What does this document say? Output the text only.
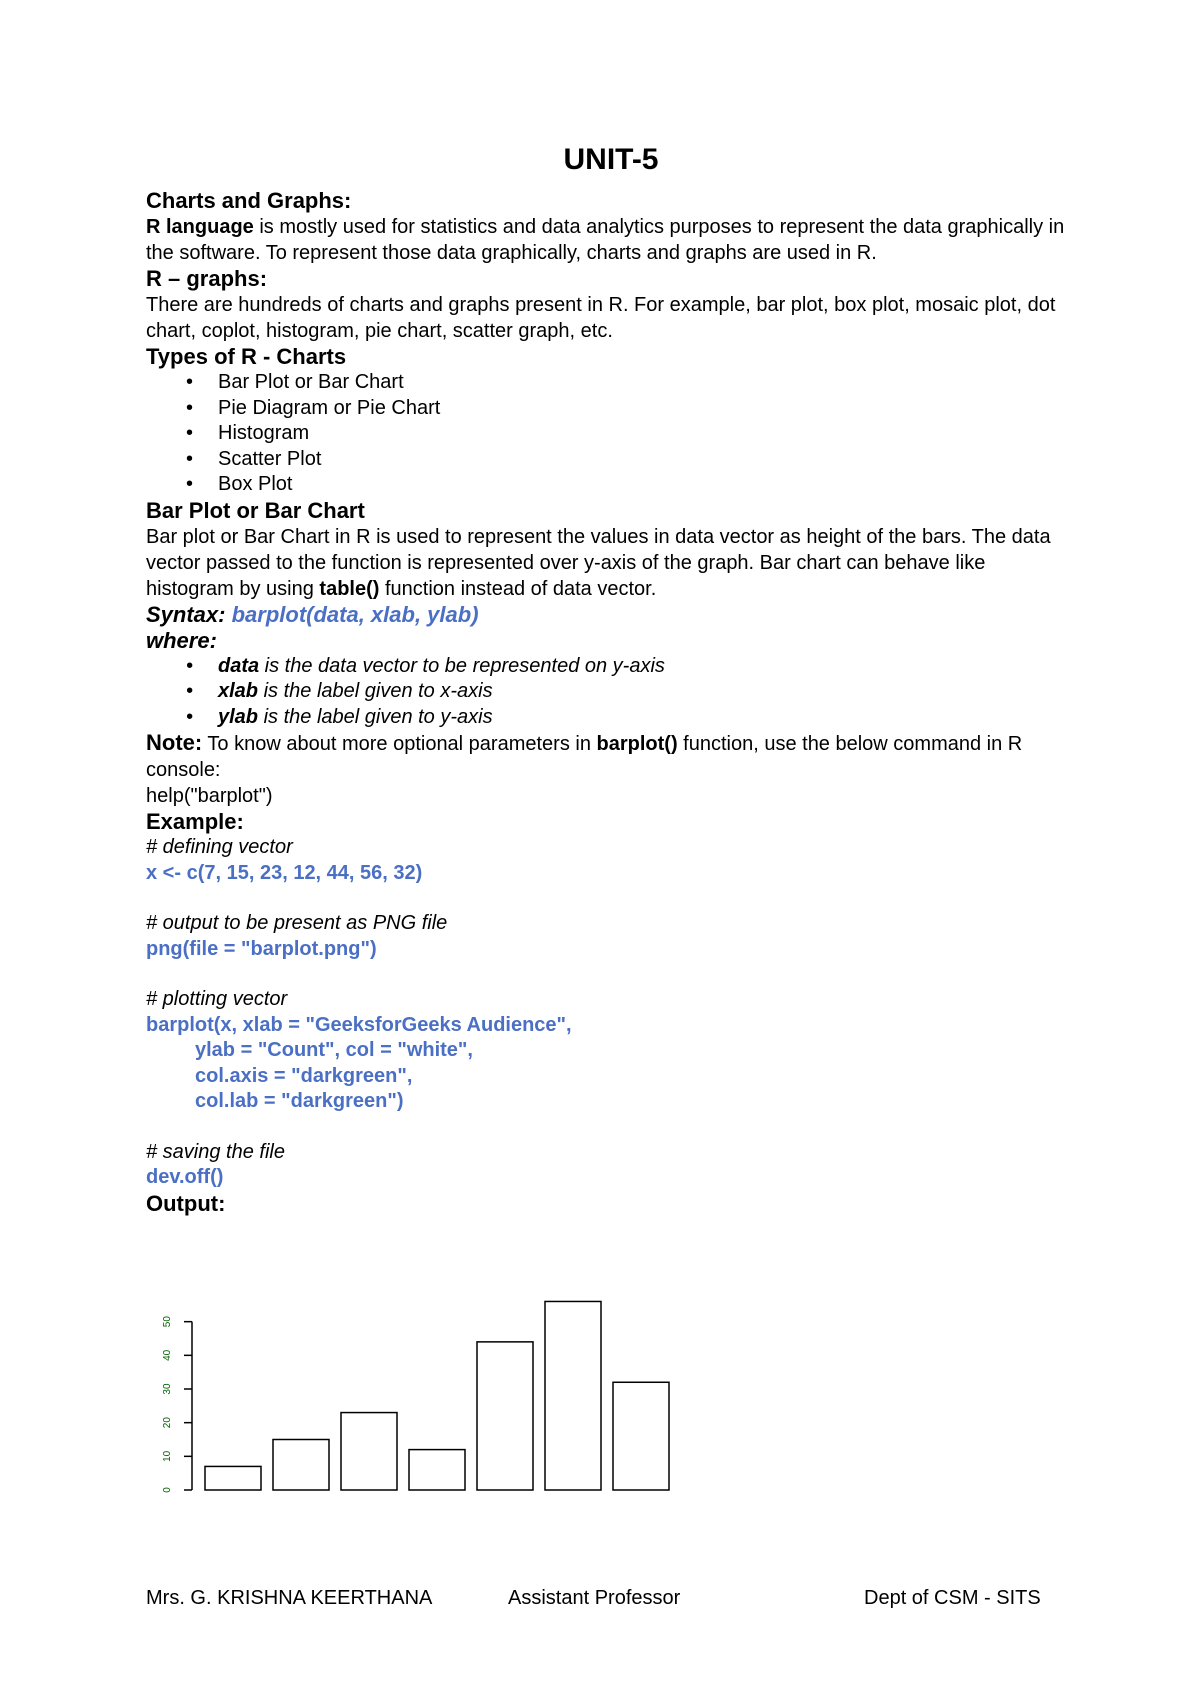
UNIT-5
Charts and Graphs:

R language is mostly used for statistics and data analytics purposes to represent the data graphically in the software. To represent those data graphically, charts and graphs are used in R.

R – graphs:

There are hundreds of charts and graphs present in R. For example, bar plot, box plot, mosaic plot, dot chart, coplot, histogram, pie chart, scatter graph, etc.

Types of R - Charts
• Bar Plot or Bar Chart
• Pie Diagram or Pie Chart
• Histogram
• Scatter Plot
• Box Plot
Bar Plot or Bar Chart

Bar plot or Bar Chart in R is used to represent the values in data vector as height of the bars. The data vector passed to the function is represented over y-axis of the graph. Bar chart can behave like histogram by using table() function instead of data vector.

Syntax: barplot(data, xlab, ylab)
where:
• data is the data vector to be represented on y-axis
• xlab is the label given to x-axis
• ylab is the label given to y-axis

Note: To know about more optional parameters in barplot() function, use the below command in R console:

help("barplot")

Example:
# defining vector
x <- c(7, 15, 23, 12, 44, 56, 32)
# output to be present as PNG file
png(file = "barplot.png")
# plotting vector
barplot(x, xlab = "GeeksforGeeks Audience",
ylab = "Count", col = "white",
col.axis = "darkgreen",
col.lab = "darkgreen")
# saving the file
dev.off()
Output:
0
10
20
30
40
50
Mrs. G. KRISHNA KEERTHANA	Assistant Professor	Dept of CSM - SITS
